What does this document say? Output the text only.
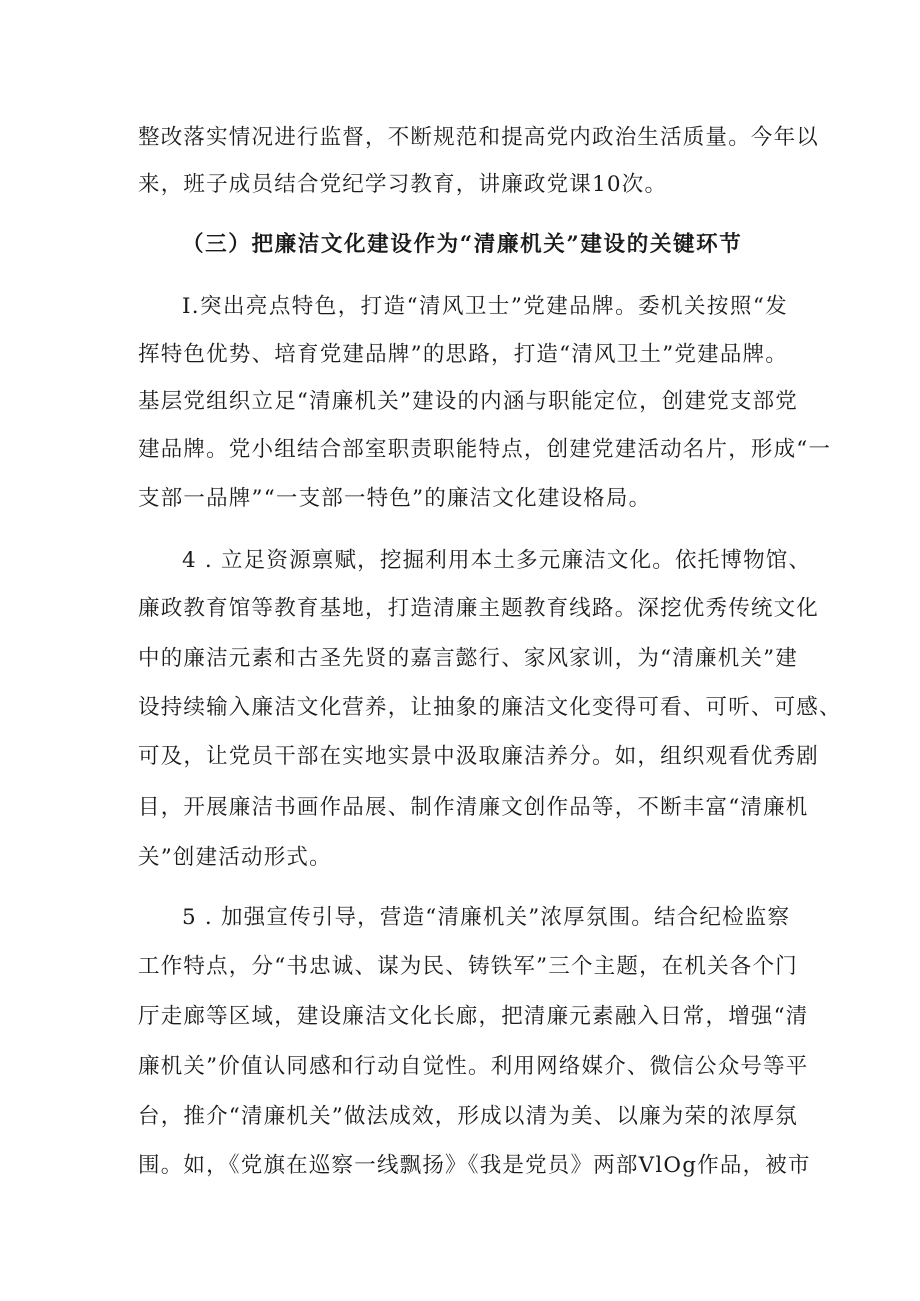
整改落实情况进行监督，不断规范和提高党内政治生活质量。今年以
来，班子成员结合党纪学习教育，讲廉政党课10次。
（三）把廉洁文化建设作为“清廉机关”建设的关键环节
I.突出亮点特色，打造“清风卫士”党建品牌。委机关按照“发
挥特色优势、培育党建品牌”的思路，打造“清风卫土”党建品牌。
基层党组织立足“清廉机关”建设的内涵与职能定位，创建党支部党
建品牌。党小组结合部室职责职能特点，创建党建活动名片，形成“一
支部一品牌”“一支部一特色”的廉洁文化建设格局。
4 . 立足资源禀赋，挖掘利用本土多元廉洁文化。依托博物馆、
廉政教育馆等教育基地，打造清廉主题教育线路。深挖优秀传统文化
中的廉洁元素和古圣先贤的嘉言懿行、家风家训，为“清廉机关”建
设持续输入廉洁文化营养，让抽象的廉洁文化变得可看、可听、可感、
可及，让党员干部在实地实景中汲取廉洁养分。如，组织观看优秀剧
目，开展廉洁书画作品展、制作清廉文创作品等，不断丰富“清廉机
关”创建活动形式。
5 . 加强宣传引导，营造“清廉机关”浓厚氛围。结合纪检监察
工作特点，分“书忠诚、谋为民、铸铁军”三个主题，在机关各个门
厅走廊等区域，建设廉洁文化长廊，把清廉元素融入日常，增强“清
廉机关”价值认同感和行动自觉性。利用网络媒介、微信公众号等平
台，推介“清廉机关”做法成效，形成以清为美、以廉为荣的浓厚氛
围。如，《党旗在巡察一线飘扬》《我是党员》两部VlOg作品，被市
